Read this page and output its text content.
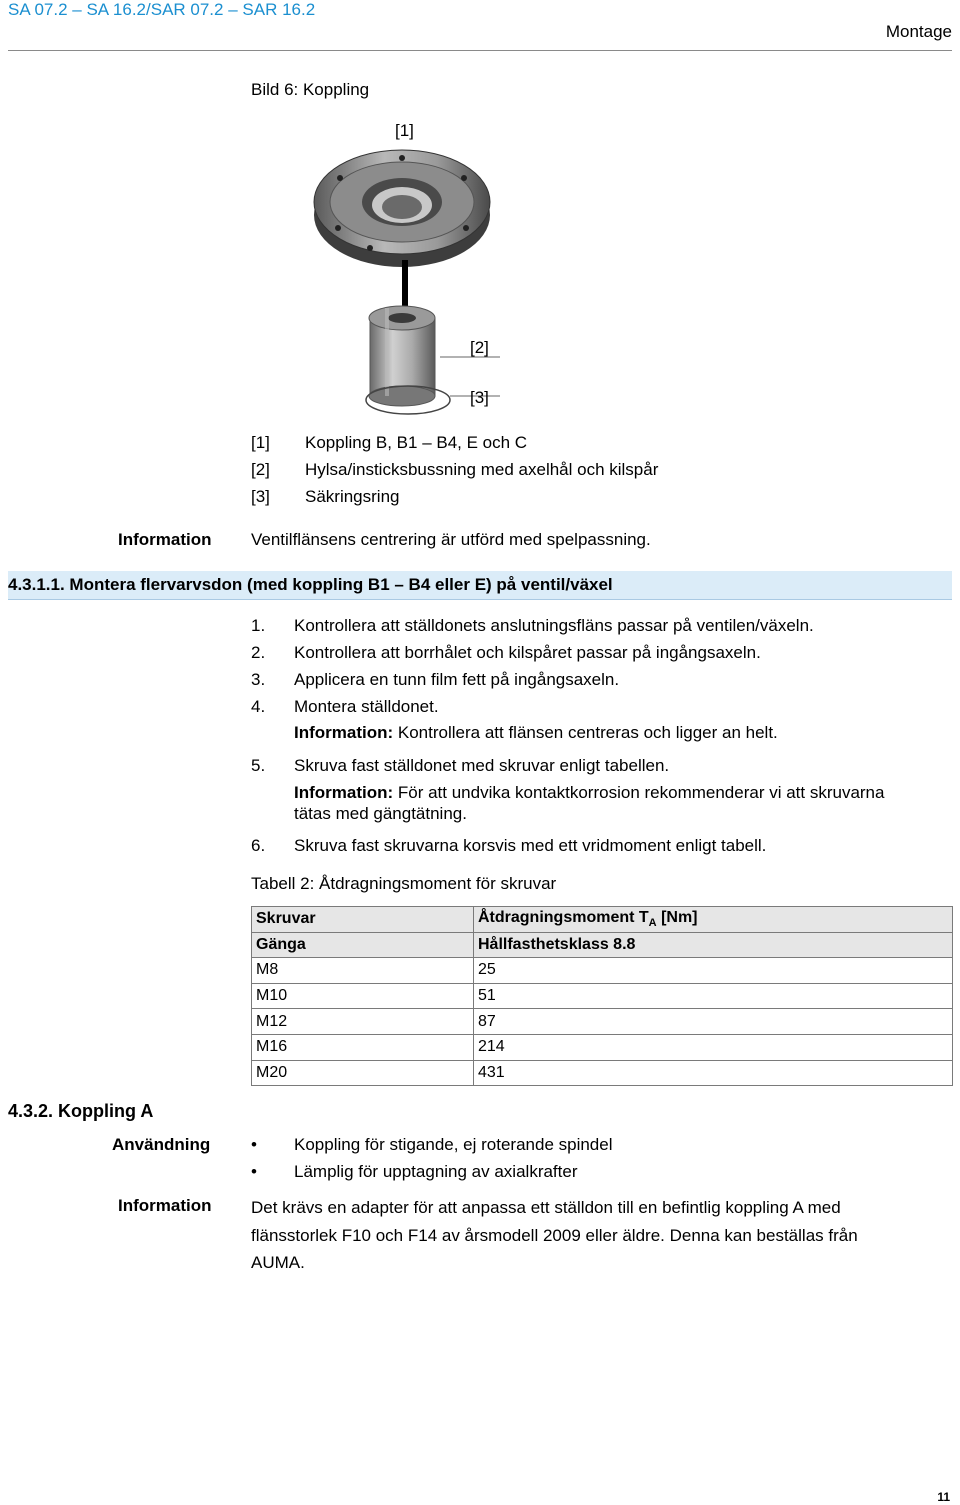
SA 07.2 – SA 16.2/SAR 07.2 – SAR 16.2
Montage
Bild 6: Koppling
[1]
[2]
[3]
[1] Koppling B, B1 – B4, E och C
[2] Hylsa/insticksbussning med axelhål och kilspår
[3] Säkringsring
Information Ventilflänsens centrering är utförd med spelpassning.
4.3.1.1. Montera flervarvsdon (med koppling B1 – B4 eller E) på ventil/växel
1. Kontrollera att ställdonets anslutningsfläns passar på ventilen/växeln.
2. Kontrollera att borrhålet och kilspåret passar på ingångsaxeln.
3. Applicera en tunn film fett på ingångsaxeln.
4. Montera ställdonet.
Information: Kontrollera att flänsen centreras och ligger an helt.
5. Skruva fast ställdonet med skruvar enligt tabellen.
Information: För att undvika kontaktkorrosion rekommenderar vi att skruvarna
tätas med gängtätning.
6. Skruva fast skruvarna korsvis med ett vridmoment enligt tabell.
Tabell 2: Åtdragningsmoment för skruvar
Skruvar	Åtdragningsmoment $T_A$ [Nm]
Gänga	Hållfasthetsklass 8.8
M8	25
M10	51
M12	87
M16	214
M20	431
4.3.2. Koppling A
Användning • Koppling för stigande, ej roterande spindel
• Lämplig för upptagning av axialkrafter
Information Det krävs en adapter för att anpassa ett ställdon till en befintlig koppling A med
flänsstorlek F10 och F14 av årsmodell 2009 eller äldre. Denna kan beställas från
AUMA.
11
